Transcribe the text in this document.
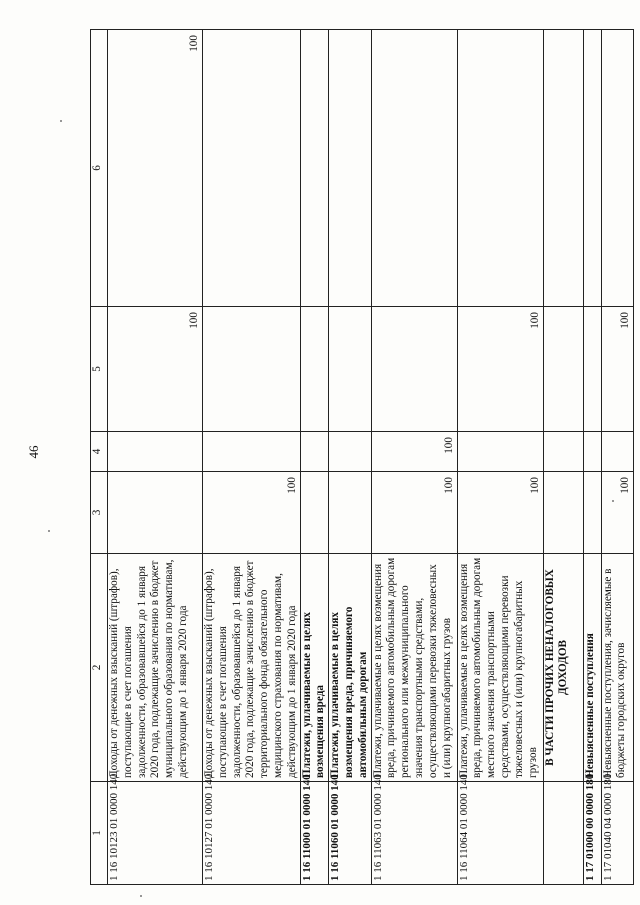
46
1	2	3	4	5	6
1 16 10123 01 0000 140	Доходы от денежных взысканий (штрафов), поступающие в счет погашения задолженности, образовавшейся до 1 января 2020 года, подлежащие зачислению в бюджет муниципального образования по нормативам, действующим до 1 января 2020 года			100	100
1 16 10127 01 0000 140	Доходы от денежных взысканий (штрафов), поступающие в счет погашения задолженности, образовавшейся до 1 января 2020 года, подлежащие зачислению в бюджет территориального фонда обязательного медицинского страхования по нормативам, действующим до 1 января 2020 года	100			
1 16 11000 01 0000 140	Платежи, уплачиваемые в целях возмещения вреда				
1 16 11060 01 0000 140	Платежи, уплачиваемые в целях возмещения вреда, причиняемого автомобильным дорогам				
1 16 11063 01 0000 140	Платежи, уплачиваемые в целях возмещения вреда, причиняемого автомобильным дорогам регионального или межмуниципального значения транспортными средствами, осуществляющими перевозки тяжеловесных и (или) крупногабаритных грузов	100	100		
1 16 11064 01 0000 140	Платежи, уплачиваемые в целях возмещения вреда, причиняемого автомобильным дорогам местного значения транспортными средствами, осуществляющими перевозки тяжеловесных и (или) крупногабаритных грузов	100		100	
	В ЧАСТИ ПРОЧИХ НЕНАЛОГОВЫХ ДОХОДОВ				
1 17 01000 00 0000 180	Невыясненные поступления				
1 17 01040 04 0000 180	Невыясненные поступления, зачисляемые в бюджеты городских округов	100		100	
